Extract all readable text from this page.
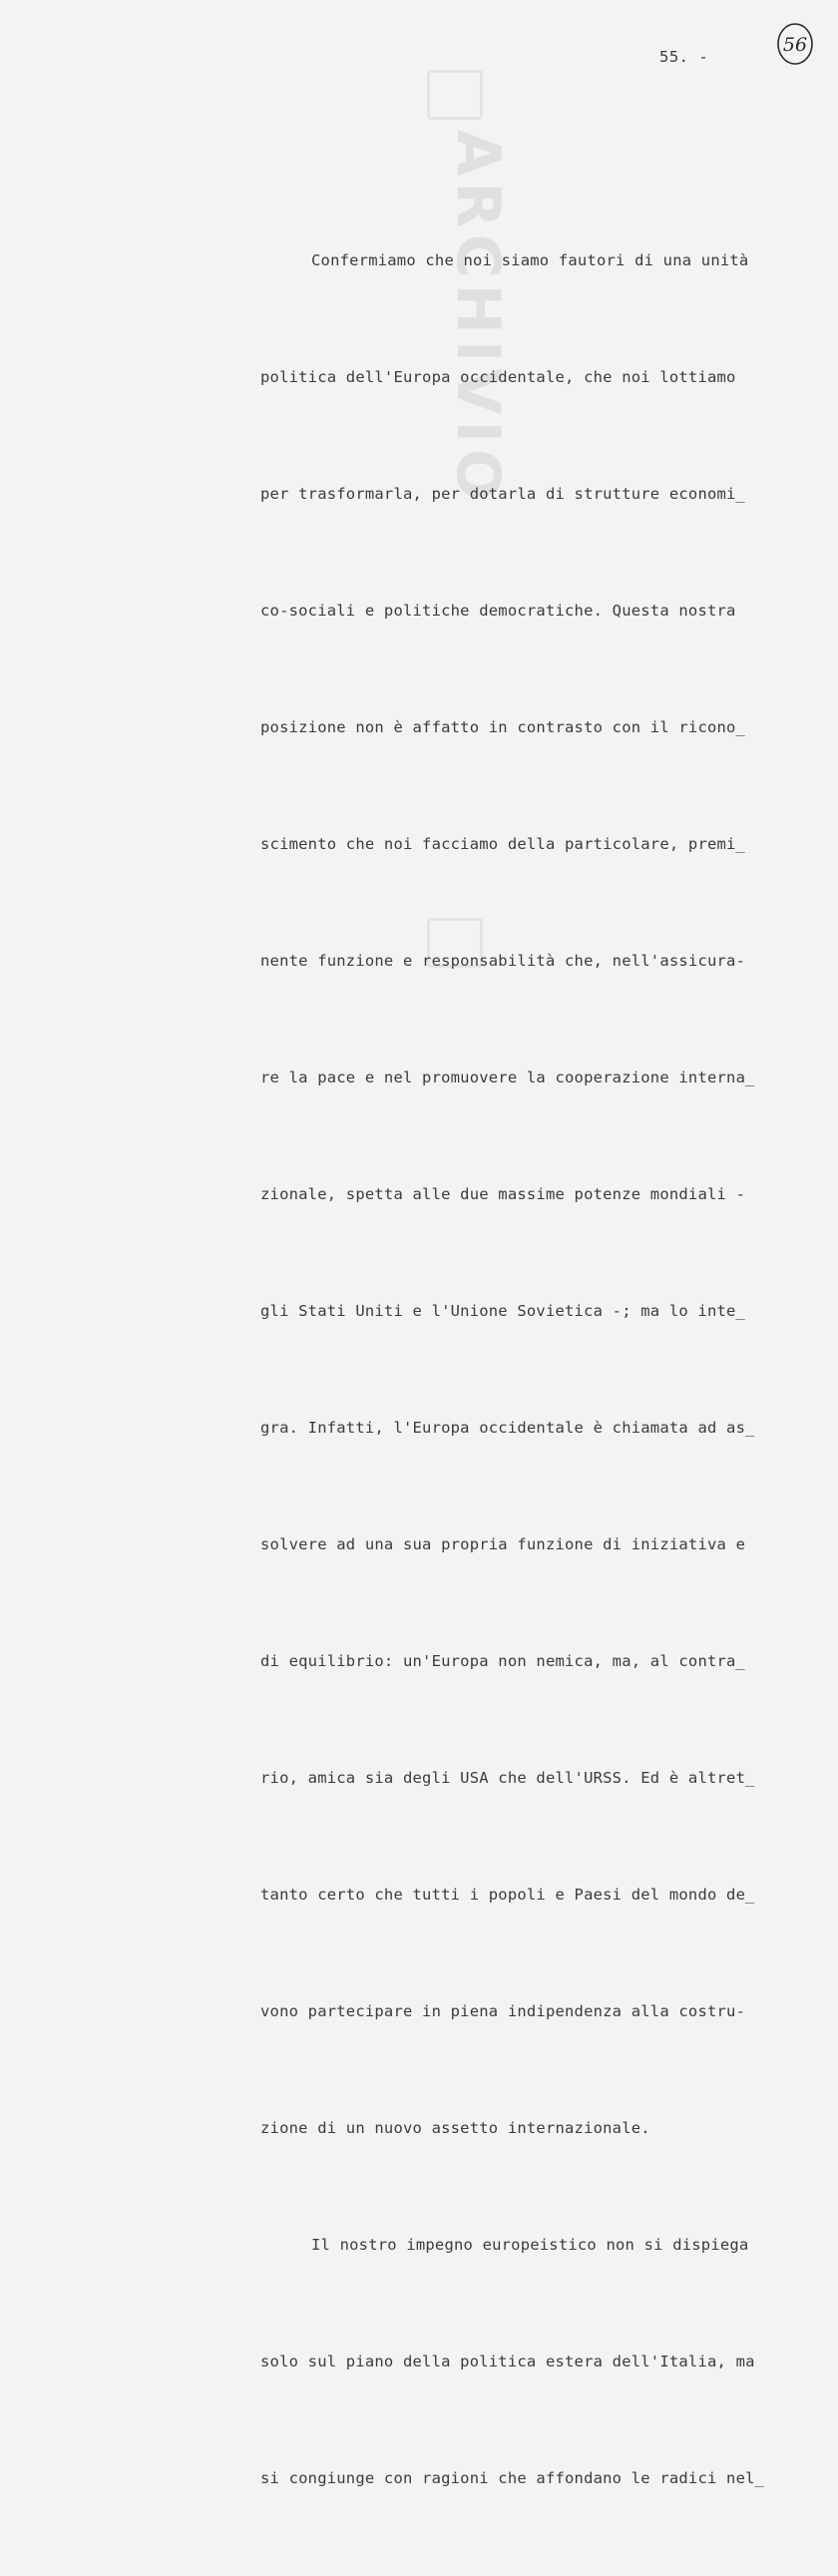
ARCHIVIO
55. -
56

Confermiamo che noi siamo fautori di una unità

politica dell'Europa occidentale, che noi lottiamo

per trasformarla, per dotarla di strutture economi̲

co-sociali e politiche democratiche. Questa nostra

posizione non è affatto in contrasto con il ricono̲

scimento che noi facciamo della particolare, premi̲

nente funzione e responsabilità che, nell'assicura-

re la pace e nel promuovere la cooperazione interna̲

zionale, spetta alle due massime potenze mondiali -

gli Stati Uniti e l'Unione Sovietica -; ma lo inte̲

gra. Infatti, l'Europa occidentale è chiamata ad as̲

solvere ad una sua propria funzione di iniziativa e

di equilibrio: un'Europa non nemica, ma, al contra̲

rio, amica sia degli USA che dell'URSS. Ed è altret̲

tanto certo che tutti i popoli e Paesi del mondo de̲

vono partecipare in piena indipendenza alla costru-

zione di un nuovo assetto internazionale.

Il nostro impegno europeistico non si dispiega

solo sul piano della politica estera dell'Italia, ma

si congiunge con ragioni che affondano le radici nel̲
